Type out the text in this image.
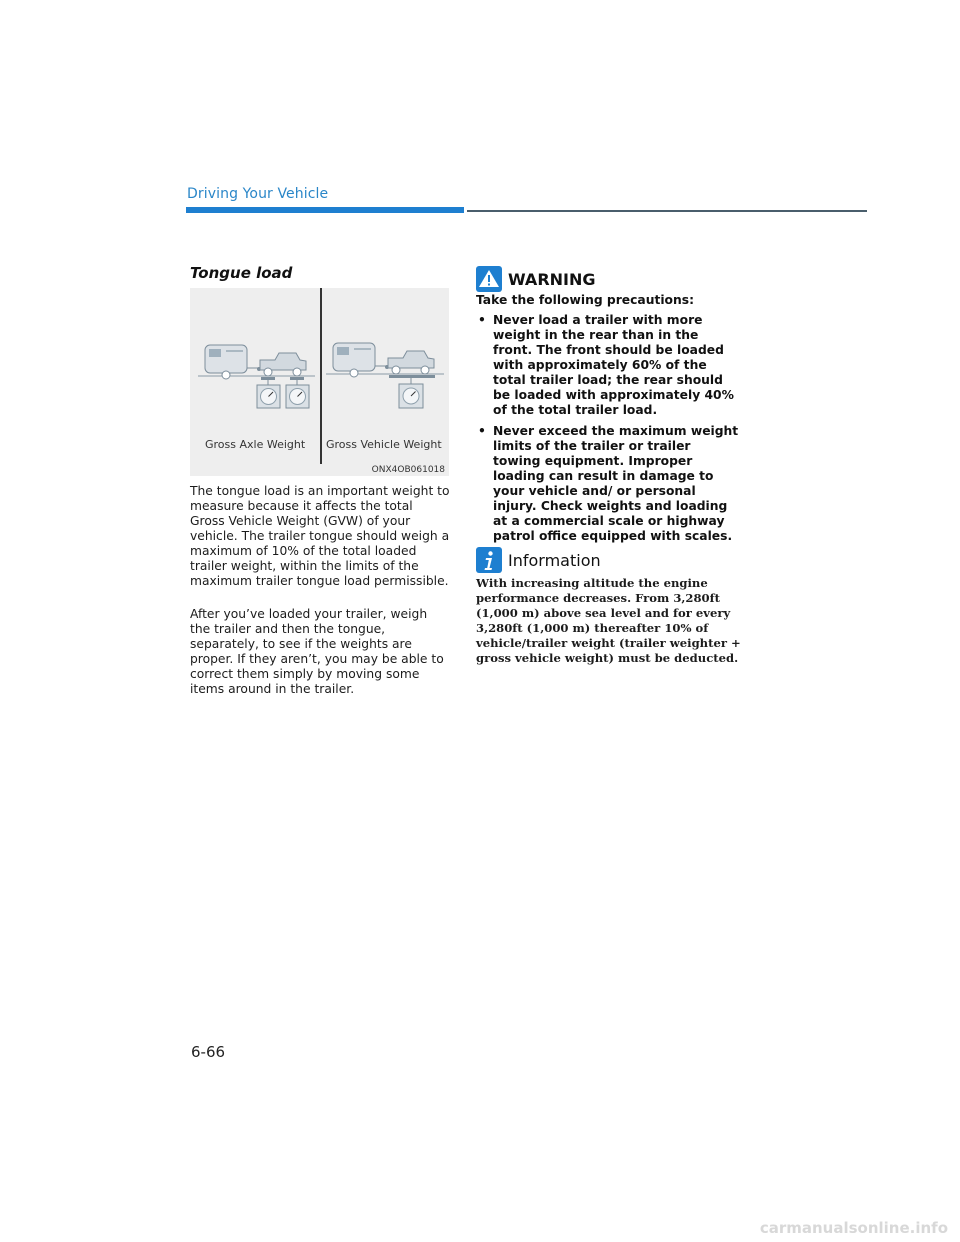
Driving Your Vehicle
Tongue load
Gross Axle Weight Gross Vehicle Weight
ONX4OB061018

The tongue load is an important weight to measure because it affects the total Gross Vehicle Weight (GVW) of your vehicle. The trailer tongue should weigh a maximum of 10% of the total loaded trailer weight, within the limits of the maximum trailer tongue load permissible.

After you’ve loaded your trailer, weigh the trailer and then the tongue, separately, to see if the weights are proper. If they aren’t, you may be able to correct them simply by moving some items around in the trailer.

WARNING
Take the following precautions:
• Never load a trailer with more weight in the rear than in the front. The front should be loaded with approximately 60% of the total trailer load; the rear should be loaded with approximately 40% of the total trailer load.
• Never exceed the maximum weight limits of the trailer or trailer towing equipment. Improper loading can result in damage to your vehicle and/ or personal injury. Check weights and loading at a commercial scale or highway patrol office equipped with scales.
Information

With increasing altitude the engine performance decreases. From 3,280ft (1,000 m) above sea level and for every 3,280ft (1,000 m) thereafter 10% of vehicle/trailer weight (trailer weighter + gross vehicle weight) must be deducted.

6-66
carmanualsonline.info
